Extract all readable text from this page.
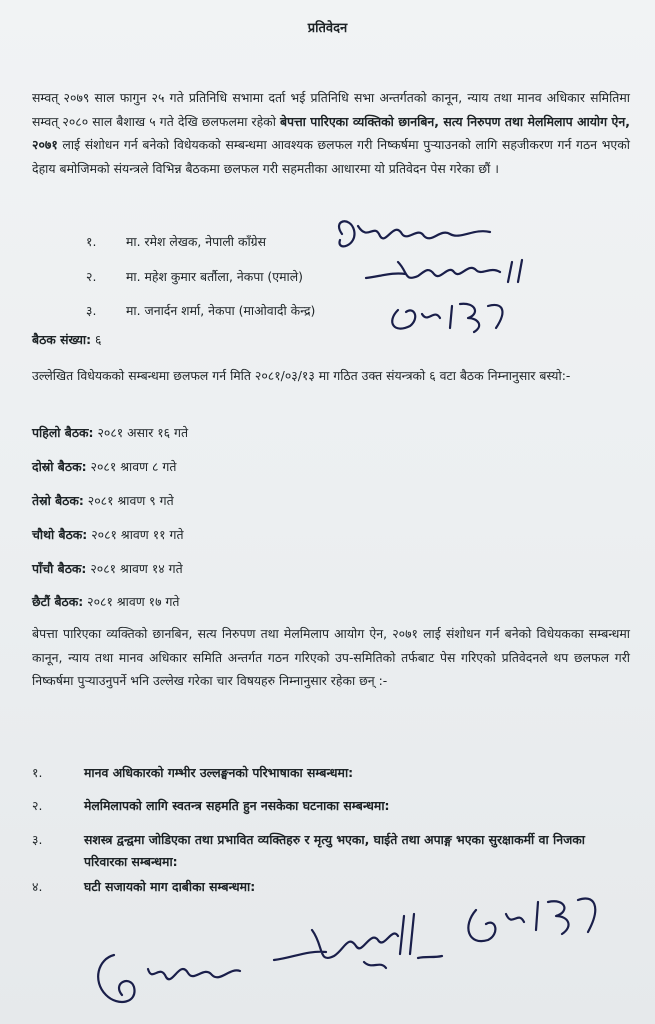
प्रतिवेदन

सम्वत् २०७९ साल फागुन २५ गते प्रतिनिधि सभामा दर्ता भई प्रतिनिधि सभा अन्तर्गतको कानून, न्याय तथा मानव अधिकार समितिमा सम्वत् २०८० साल बैशाख ५ गते देखि छलफलमा रहेको बेपत्ता पारिएका व्यक्तिको छानबिन, सत्य निरुपण तथा मेलमिलाप आयोग ऐन, २०७१ लाई संशोधन गर्न बनेको विधेयकको सम्बन्धमा आवश्यक छलफल गरी निष्कर्षमा पुऱ्याउनको लागि सहजीकरण गर्न गठन भएको देहाय बमोजिमको संयन्त्रले विभिन्न बैठकमा छलफल गरी सहमतीका आधारमा यो प्रतिवेदन पेस गरेका छौं ।

१. मा. रमेश लेखक, नेपाली काँग्रेस
२. मा. महेश कुमार बर्तौला, नेकपा (एमाले)
३. मा. जनार्दन शर्मा, नेकपा (माओवादी केन्द्र)
बैठक संख्या: ६

उल्लेखित विधेयकको सम्बन्धमा छलफल गर्न मिति २०८१/०३/१३ मा गठित उक्त संयन्त्रको ६ वटा बैठक निम्नानुसार बस्यो:-

पहिलो बैठक: २०८१ असार १६ गते
दोस्रो बैठक: २०८१ श्रावण ८ गते
तेस्रो बैठक: २०८१ श्रावण ९ गते
चौथो बैठक: २०८१ श्रावण ११ गते
पाँचौ बैठक: २०८१ श्रावण १४ गते
छैटौं बैठक: २०८१ श्रावण १७ गते

बेपत्ता पारिएका व्यक्तिको छानबिन, सत्य निरुपण तथा मेलमिलाप आयोग ऐन, २०७१ लाई संशोधन गर्न बनेको विधेयकका सम्बन्धमा कानून, न्याय तथा मानव अधिकार समिति अन्तर्गत गठन गरिएको उप-समितिको तर्फबाट पेस गरिएको प्रतिवेदनले थप छलफल गरी निष्कर्षमा पुऱ्याउनुपर्ने भनि उल्लेख गरेका चार विषयहरु निम्नानुसार रहेका छन् :-

१.	मानव अधिकारको गम्भीर उल्लङ्घनको परिभाषाका सम्बन्धमा:
२.	मेलमिलापको लागि स्वतन्त्र सहमति हुन नसकेका घटनाका सम्बन्धमा:
३.	सशस्त्र द्वन्द्वमा जोडिएका तथा प्रभावित व्यक्तिहरु र मृत्यु भएका, घाईते तथा अपाङ्ग भएका सुरक्षाकर्मी वा निजका परिवारका सम्बन्धमा:
४.	घटी सजायको माग दाबीका सम्बन्धमा:
